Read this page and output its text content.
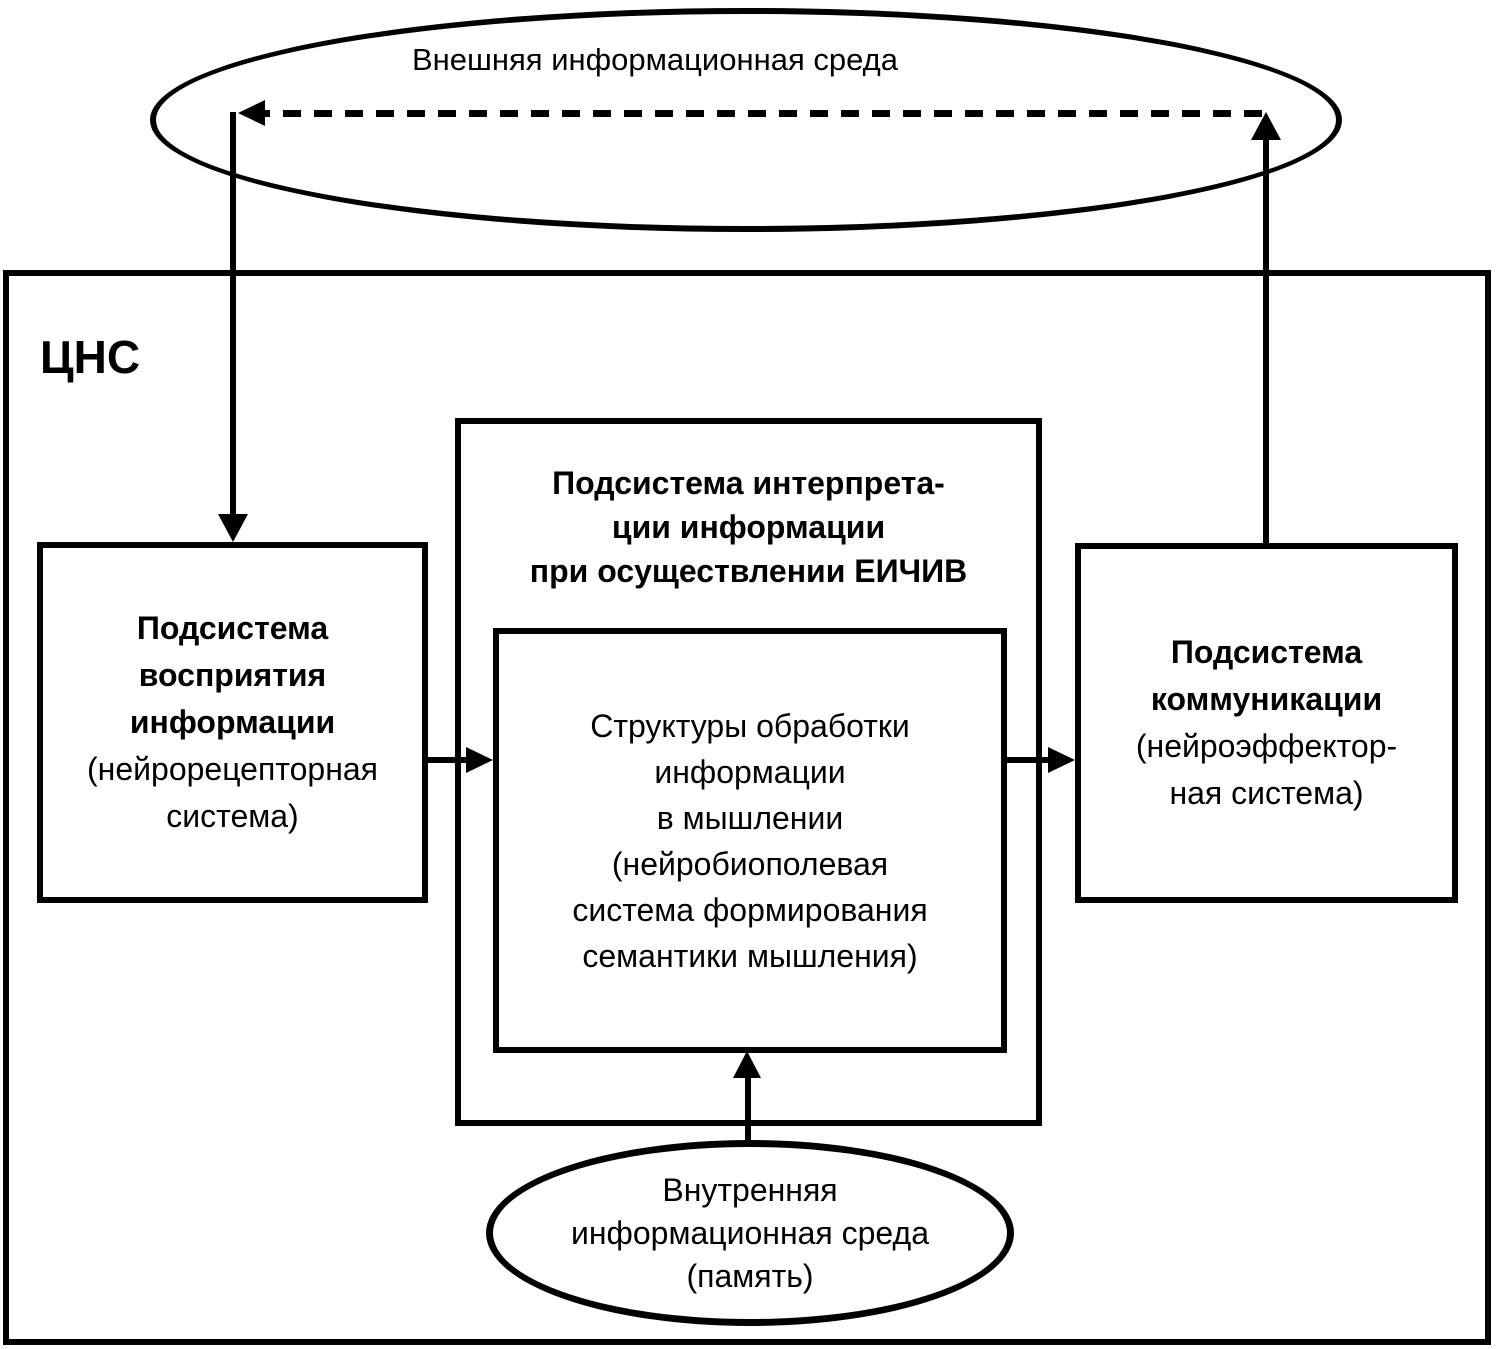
Внешняя информационная среда
ЦНС
Подсистема
восприятия
информации
(нейрорецепторная
система)
Подсистема интерпрета-
ции информации
при осуществлении ЕИЧИВ
Структуры обработки
информации
в мышлении
(нейробиополевая
система формирования
семантики мышления)
Подсистема
коммуникации
(нейроэффектор-
ная система)
Внутренняя
информационная среда
(память)
